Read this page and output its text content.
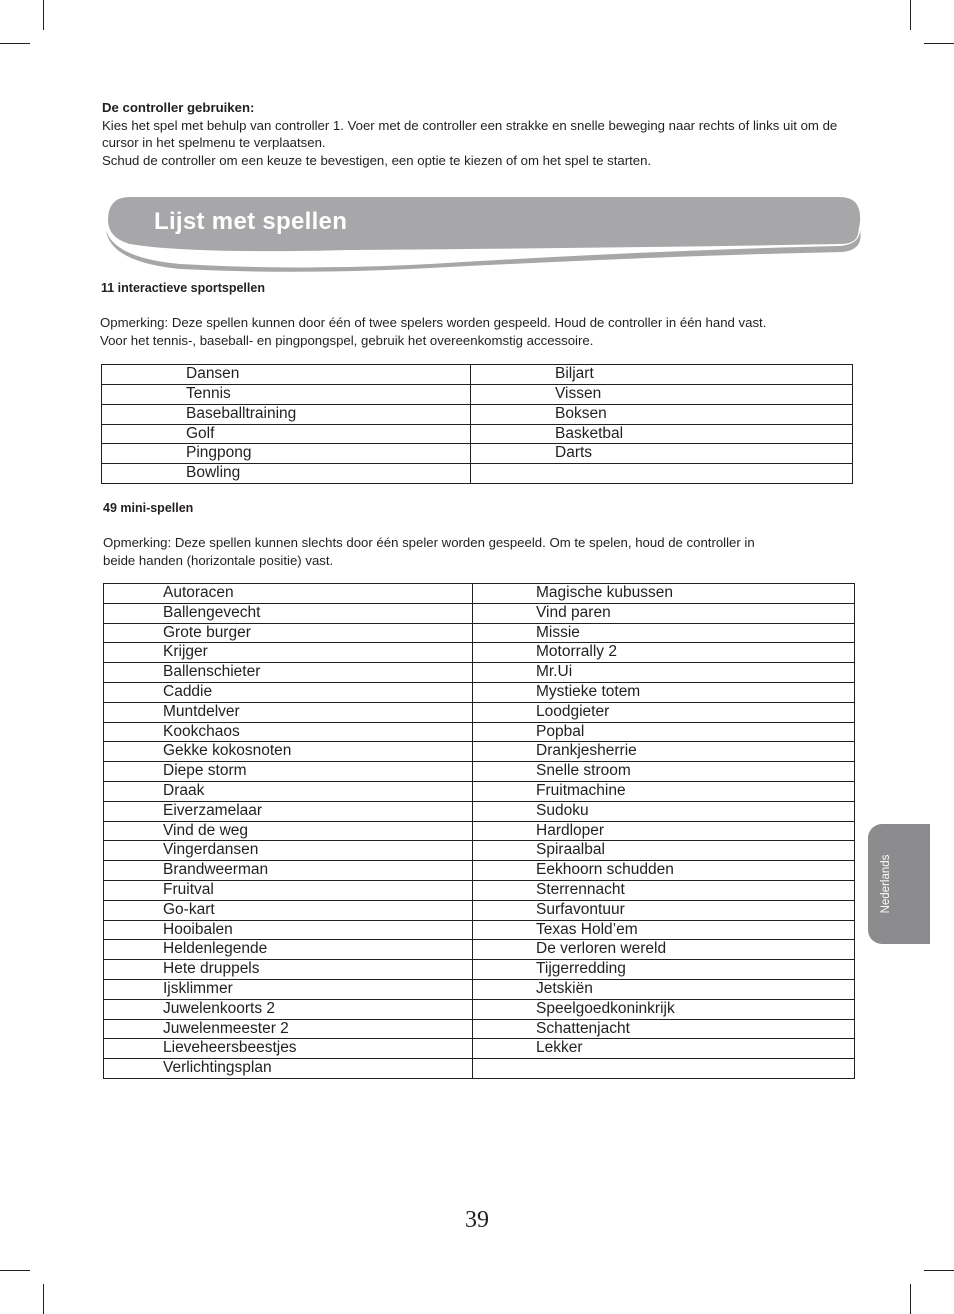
De controller gebruiken:
Kies het spel met behulp van controller 1. Voer met de controller een strakke en snelle beweging naar rechts of links uit om de cursor in het spelmenu te verplaatsen.
Schud de controller om een keuze te bevestigen, een optie te kiezen of om het spel te starten.
Lijst met spellen
11 interactieve sportspellen
Opmerking: Deze spellen kunnen door één of twee spelers worden gespeeld. Houd de controller in één hand vast.
Voor het tennis-, baseball- en pingpongspel, gebruik het overeenkomstig accessoire.
Dansen	Biljart
Tennis	Vissen
Baseballtraining	Boksen
Golf	Basketbal
Pingpong	Darts
Bowling	
49 mini-spellen
Opmerking: Deze spellen kunnen slechts door één speler worden gespeeld. Om te spelen, houd de controller in
beide handen (horizontale positie) vast.
Autoracen	Magische kubussen
Ballengevecht	Vind paren
Grote burger	Missie
Krijger	Motorrally 2
Ballenschieter	Mr.Ui
Caddie	Mystieke totem
Muntdelver	Loodgieter
Kookchaos	Popbal
Gekke kokosnoten	Drankjesherrie
Diepe storm	Snelle stroom
Draak	Fruitmachine
Eiverzamelaar	Sudoku
Vind de weg	Hardloper
Vingerdansen	Spiraalbal
Brandweerman	Eekhoorn schudden
Fruitval	Sterrennacht
Go-kart	Surfavontuur
Hooibalen	Texas Hold’em
Heldenlegende	De verloren wereld
Hete druppels	Tijgerredding
Ijsklimmer	Jetskiën
Juwelenkoorts 2	Speelgoedkoninkrijk
Juwelenmeester 2	Schattenjacht
Lieveheersbeestjes	Lekker
Verlichtingsplan	
Nederlands
39
